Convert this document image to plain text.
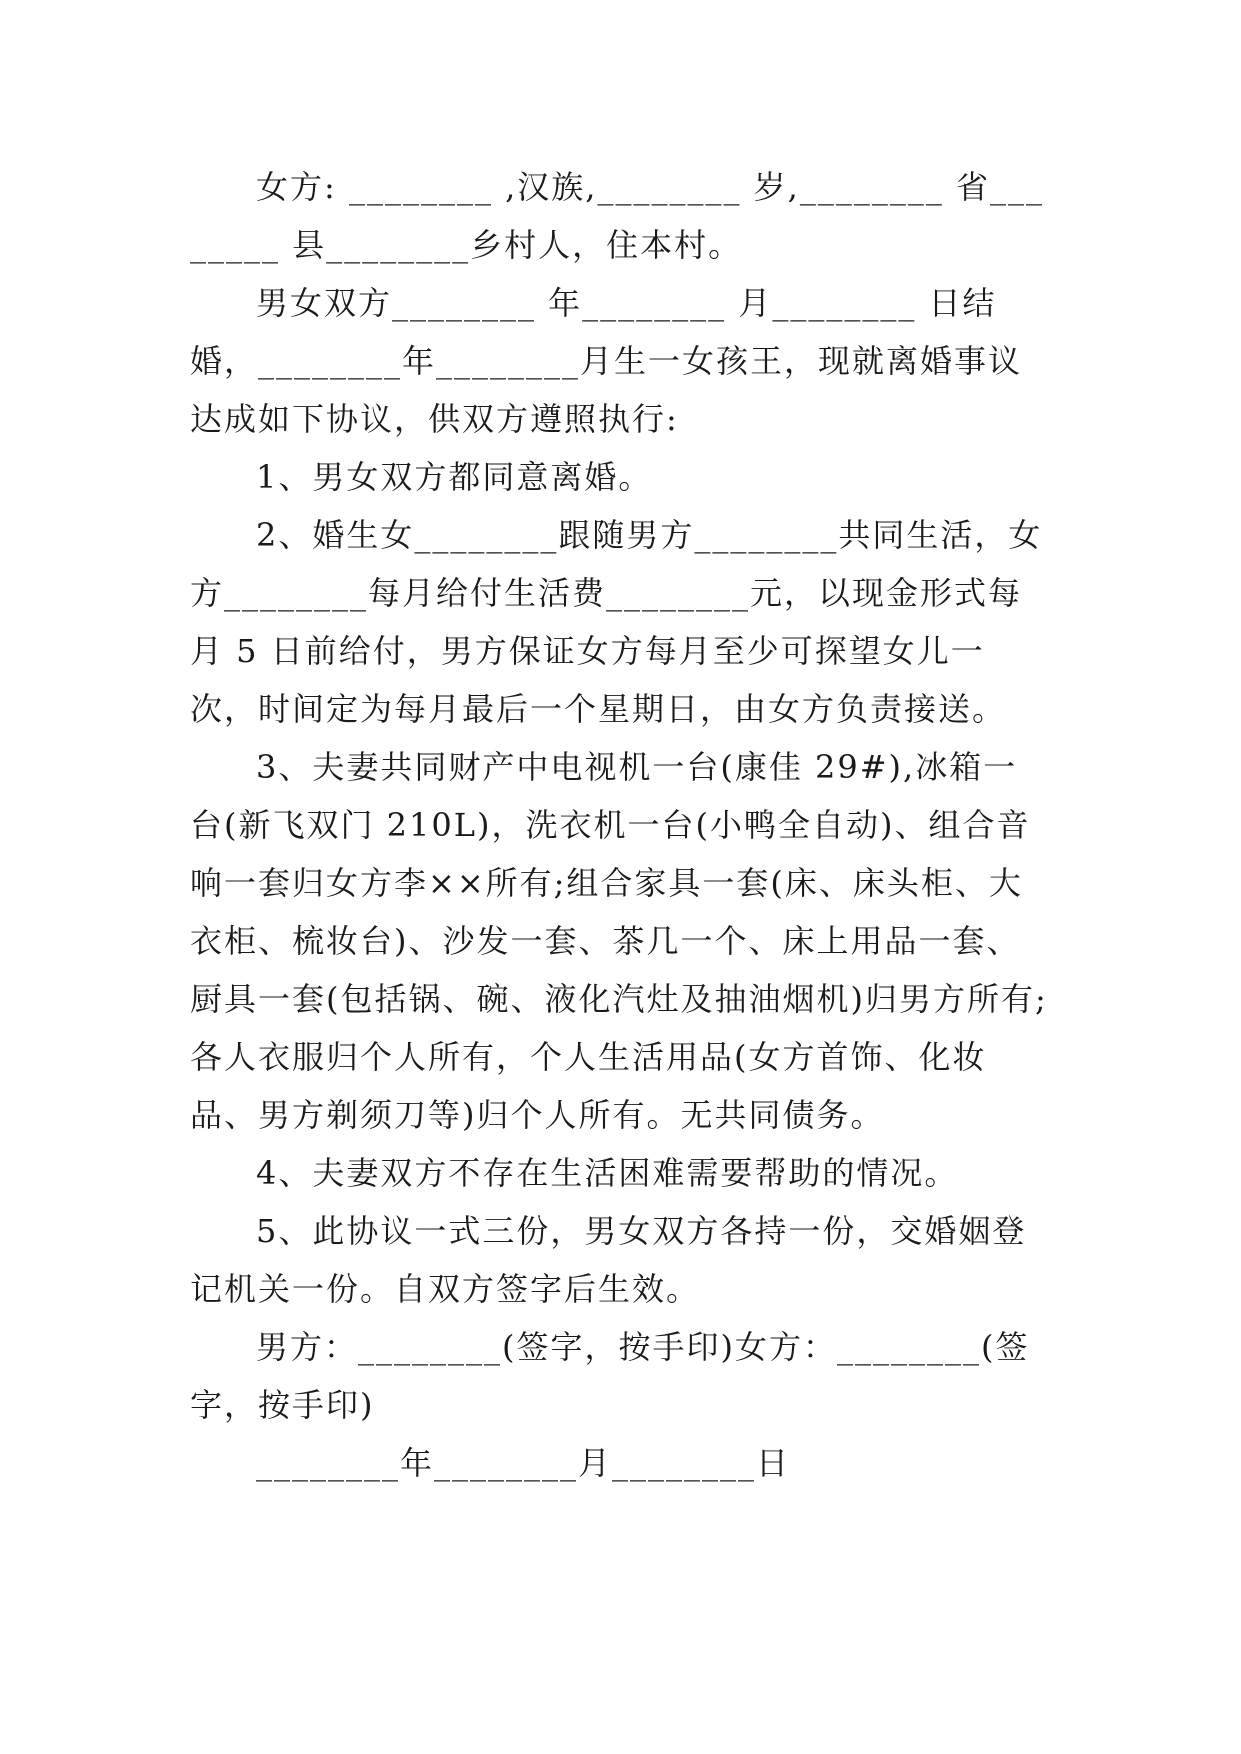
女方: ________ ,汉族,________ 岁,________ 省________ 县________乡村人，住本村。

男女双方________ 年________ 月________ 日结婚，________年________月生一女孩王，现就离婚事议达成如下协议，供双方遵照执行:

1、男女双方都同意离婚。

2、婚生女________跟随男方________共同生活，女方________每月给付生活费________元，以现金形式每月 5 日前给付，男方保证女方每月至少可探望女儿一次，时间定为每月最后一个星期日，由女方负责接送。

3、夫妻共同财产中电视机一台(康佳 29#),冰箱一台(新飞双门 210L)，洗衣机一台(小鸭全自动)、组合音响一套归女方李××所有;组合家具一套(床、床头柜、大衣柜、梳妆台)、沙发一套、茶几一个、床上用品一套、厨具一套(包括锅、碗、液化汽灶及抽油烟机)归男方所有;各人衣服归个人所有，个人生活用品(女方首饰、化妆品、男方剃须刀等)归个人所有。无共同债务。

4、夫妻双方不存在生活困难需要帮助的情况。

5、此协议一式三份，男女双方各持一份，交婚姻登记机关一份。自双方签字后生效。

男方：________(签字，按手印)女方：________(签字，按手印)

________年________月________日
